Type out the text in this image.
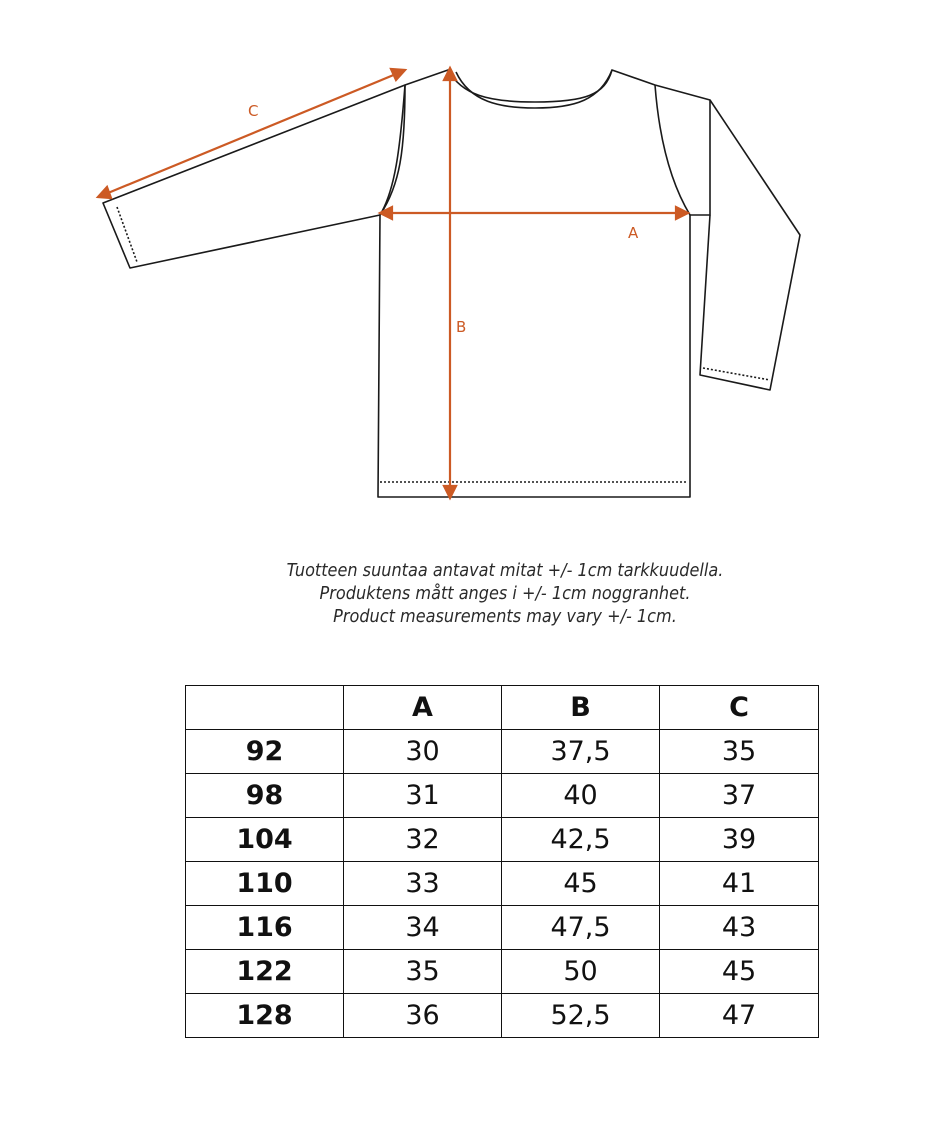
A
B
C

Tuotteen suuntaa antavat mitat +/- 1cm tarkkuudella.

Produktens mått anges i +/- 1cm noggranhet.

Product measurements may vary +/- 1cm.

	A	B	C
92	30	37,5	35
98	31	40	37
104	32	42,5	39
110	33	45	41
116	34	47,5	43
122	35	50	45
128	36	52,5	47
